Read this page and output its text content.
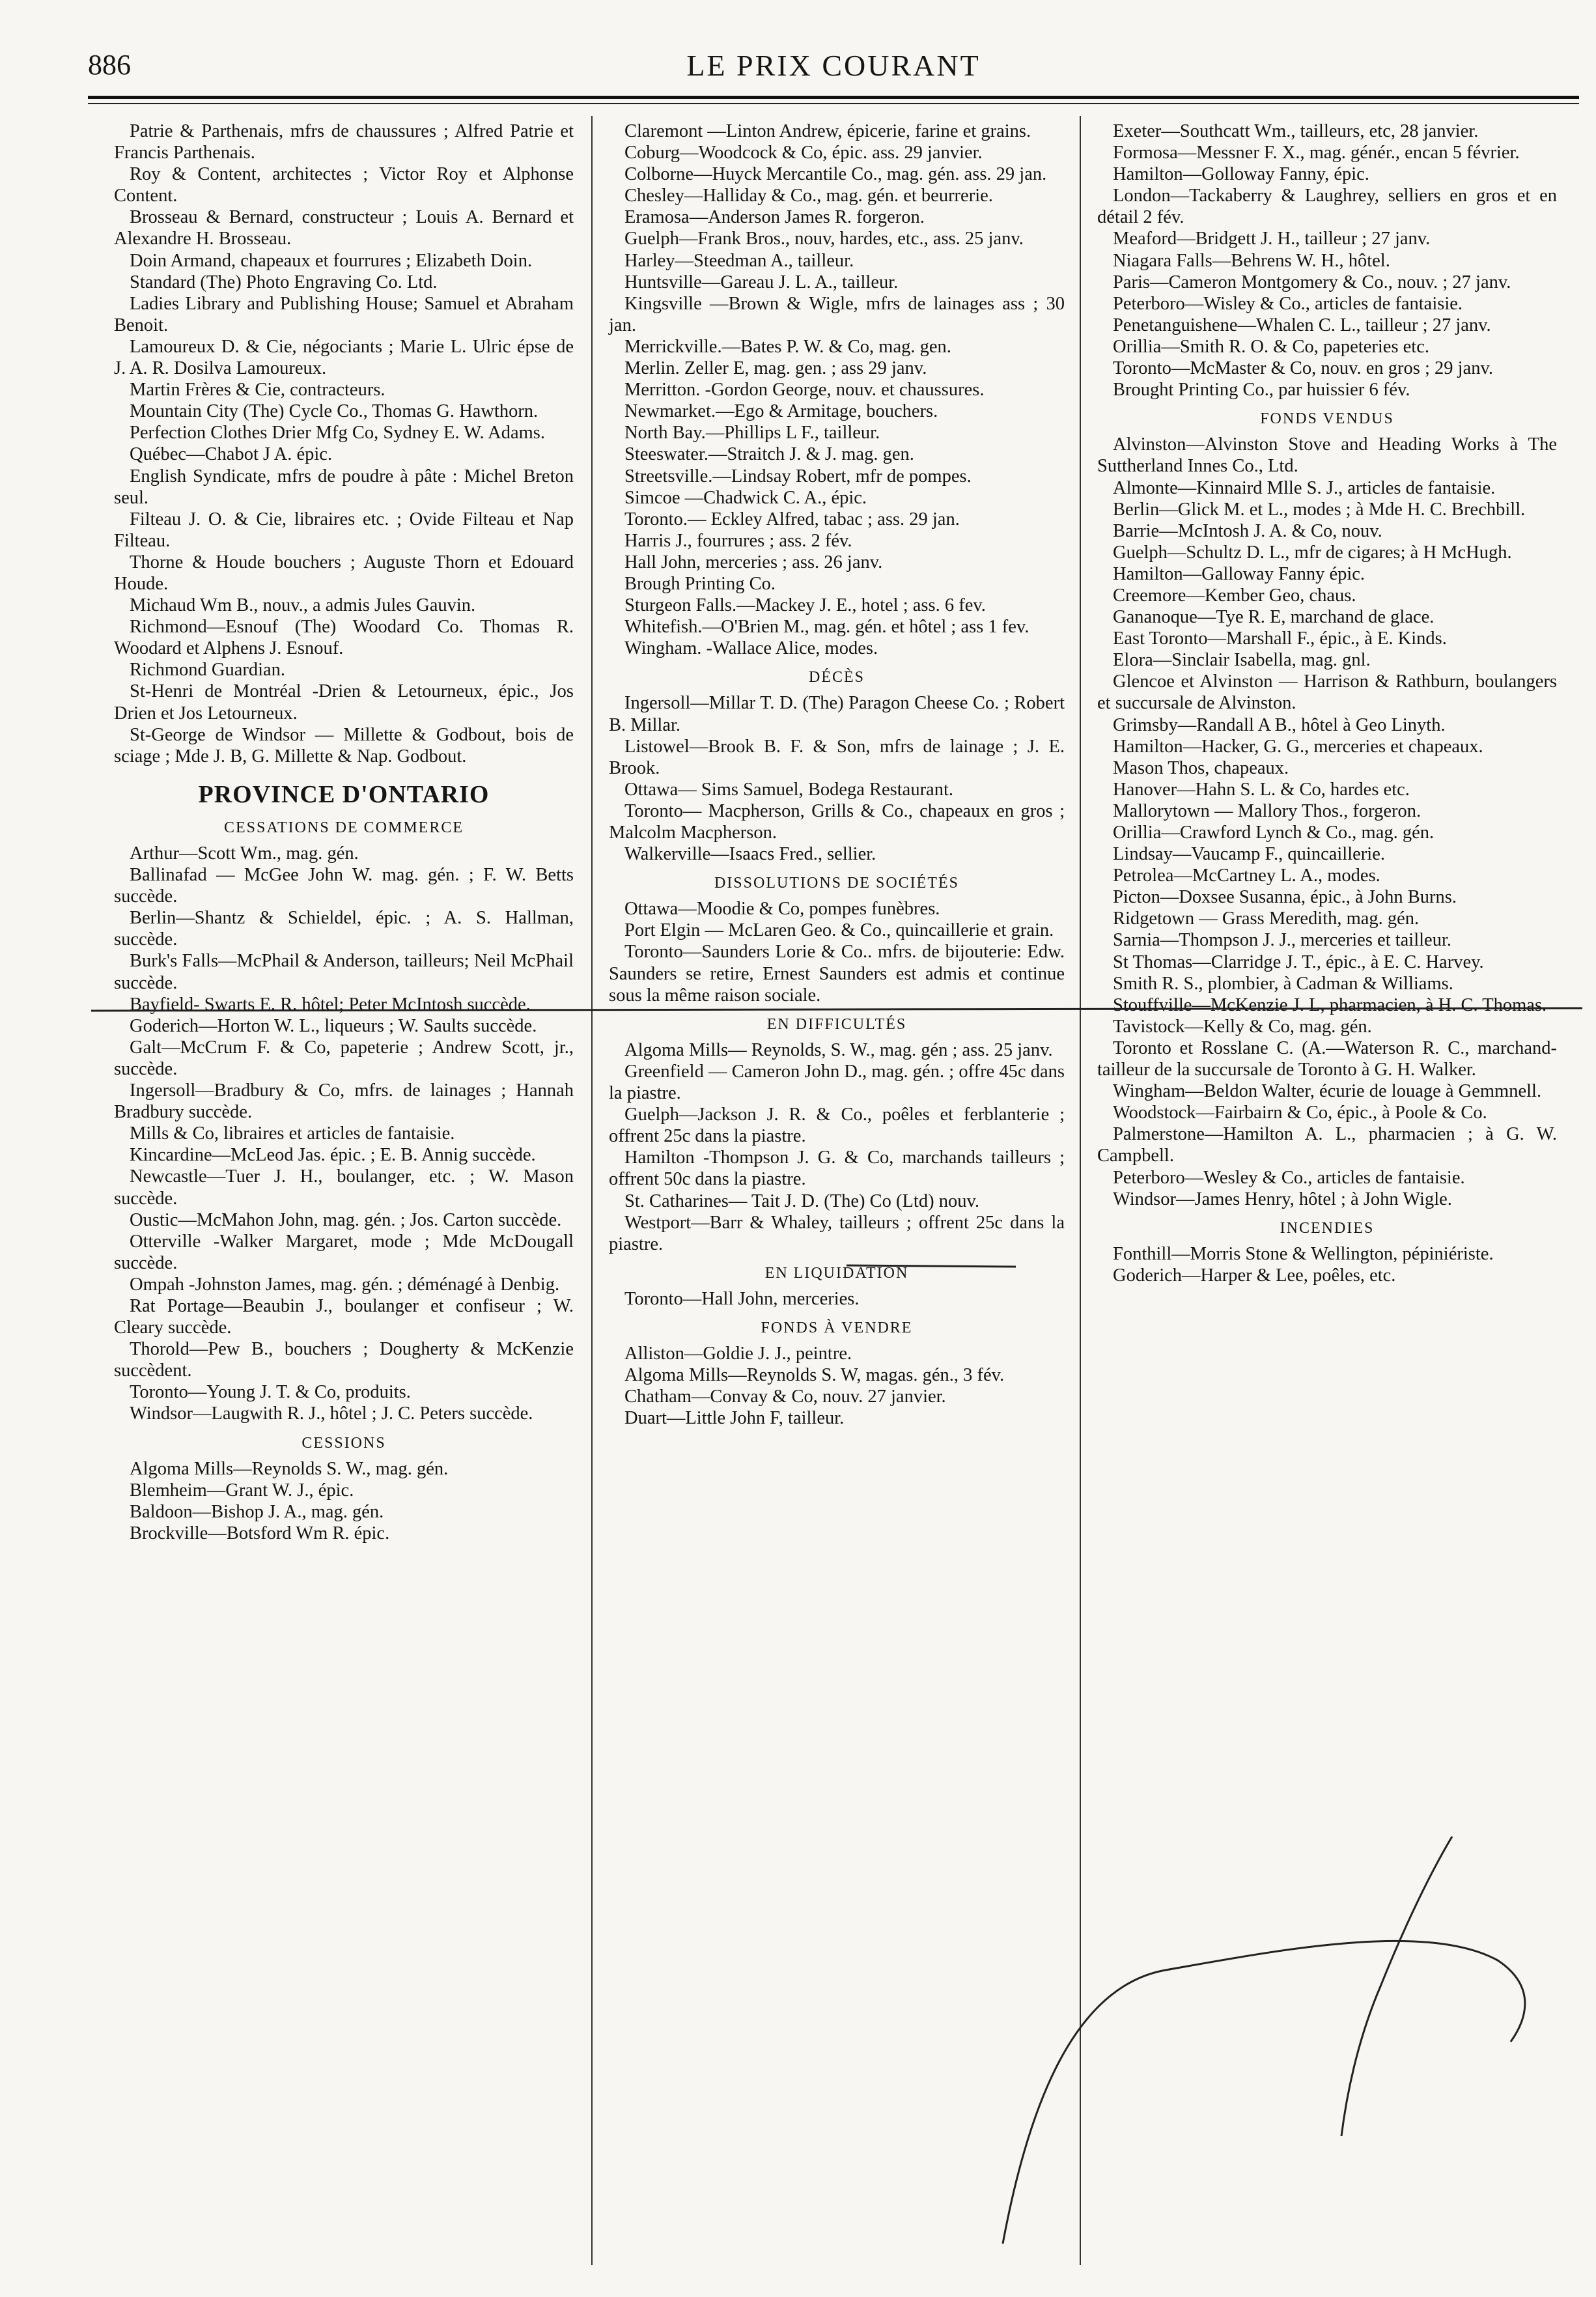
886	LE PRIX COURANT

Patrie & Parthenais, mfrs de chaussures ; Alfred Patrie et Francis Parthenais.

Roy & Content, architectes ; Victor Roy et Alphonse Content.

Brosseau & Bernard, constructeur ; Louis A. Bernard et Alexandre H. Brosseau.

Doin Armand, chapeaux et fourrures ; Elizabeth Doin.

Standard (The) Photo Engraving Co. Ltd.

Ladies Library and Publishing House; Samuel et Abraham Benoit.

Lamoureux D. & Cie, négociants ; Marie L. Ulric épse de J. A. R. Dosilva Lamoureux.

Martin Frères & Cie, contracteurs.

Mountain City (The) Cycle Co., Thomas G. Hawthorn.

Perfection Clothes Drier Mfg Co, Sydney E. W. Adams.

Québec—Chabot J A. épic.

English Syndicate, mfrs de poudre à pâte : Michel Breton seul.

Filteau J. O. & Cie, libraires etc. ; Ovide Filteau et Nap Filteau.

Thorne & Houde bouchers ; Auguste Thorn et Edouard Houde.

Michaud Wm B., nouv., a admis Jules Gauvin.

Richmond—Esnouf (The) Woodard Co. Thomas R. Woodard et Alphens J. Esnouf.

Richmond Guardian.

St-Henri de Montréal -Drien & Letourneux, épic., Jos Drien et Jos Letourneux.

St-George de Windsor — Millette & Godbout, bois de sciage ; Mde J. B, G. Millette & Nap. Godbout.

PROVINCE D'ONTARIO

CESSATIONS DE COMMERCE

Arthur—Scott Wm., mag. gén.

Ballinafad — McGee John W. mag. gén. ; F. W. Betts succède.

Berlin—Shantz & Schieldel, épic. ; A. S. Hallman, succède.

Burk's Falls—McPhail & Anderson, tailleurs; Neil McPhail succède.

Bayfield- Swarts E. R. hôtel; Peter McIntosh succède.

Goderich—Horton W. L., liqueurs ; W. Saults succède.

Galt—McCrum F. & Co, papeterie ; Andrew Scott, jr., succède.

Ingersoll—Bradbury & Co, mfrs. de lainages ; Hannah Bradbury succède.

Mills & Co, libraires et articles de fantaisie.

Kincardine—McLeod Jas. épic. ; E. B. Annig succède.

Newcastle—Tuer J. H., boulanger, etc. ; W. Mason succède.

Oustic—McMahon John, mag. gén. ; Jos. Carton succède.

Otterville -Walker Margaret, mode ; Mde McDougall succède.

Ompah -Johnston James, mag. gén. ; déménagé à Denbig.

Rat Portage—Beaubin J., boulanger et confiseur ; W. Cleary succède.

Thorold—Pew B., bouchers ; Dougherty & McKenzie succèdent.

Toronto—Young J. T. & Co, produits.

Windsor—Laugwith R. J., hôtel ; J. C. Peters succède.

CESSIONS

Algoma Mills—Reynolds S. W., mag. gén.

Blemheim—Grant W. J., épic.

Baldoon—Bishop J. A., mag. gén.

Brockville—Botsford Wm R. épic.

Claremont —Linton Andrew, épicerie, farine et grains.

Coburg—Woodcock & Co, épic. ass. 29 janvier.

Colborne—Huyck Mercantile Co., mag. gén. ass. 29 jan.

Chesley—Halliday & Co., mag. gén. et beurrerie.

Eramosa—Anderson James R. forgeron.

Guelph—Frank Bros., nouv, hardes, etc., ass. 25 janv.

Harley—Steedman A., tailleur.

Huntsville—Gareau J. L. A., tailleur.

Kingsville —Brown & Wigle, mfrs de lainages ass ; 30 jan.

Merrickville.—Bates P. W. & Co, mag. gen.

Merlin. Zeller E, mag. gen. ; ass 29 janv.

Merritton. -Gordon George, nouv. et chaussures.

Newmarket.—Ego & Armitage, bouchers.

North Bay.—Phillips L F., tailleur.

Steeswater.—Straitch J. & J. mag. gen.

Streetsville.—Lindsay Robert, mfr de pompes.

Simcoe —Chadwick C. A., épic.

Toronto.— Eckley Alfred, tabac ; ass. 29 jan.

Harris J., fourrures ; ass. 2 fév.

Hall John, merceries ; ass. 26 janv.

Brough Printing Co.

Sturgeon Falls.—Mackey J. E., hotel ; ass. 6 fev.

Whitefish.—O'Brien M., mag. gén. et hôtel ; ass 1 fev.

Wingham. -Wallace Alice, modes.

DÉCÈS

Ingersoll—Millar T. D. (The) Paragon Cheese Co. ; Robert B. Millar.

Listowel—Brook B. F. & Son, mfrs de lainage ; J. E. Brook.

Ottawa— Sims Samuel, Bodega Restaurant.

Toronto— Macpherson, Grills & Co., chapeaux en gros ; Malcolm Macpherson.

Walkerville—Isaacs Fred., sellier.

DISSOLUTIONS DE SOCIÉTÉS

Ottawa—Moodie & Co, pompes funèbres.

Port Elgin — McLaren Geo. & Co., quincaillerie et grain.

Toronto—Saunders Lorie & Co.. mfrs. de bijouterie: Edw. Saunders se retire, Ernest Saunders est admis et continue sous la même raison sociale.

EN DIFFICULTÉS

Algoma Mills— Reynolds, S. W., mag. gén ; ass. 25 janv.

Greenfield — Cameron John D., mag. gén. ; offre 45c dans la piastre.

Guelph—Jackson J. R. & Co., poêles et ferblanterie ; offrent 25c dans la piastre.

Hamilton -Thompson J. G. & Co, marchands tailleurs ; offrent 50c dans la piastre.

St. Catharines— Tait J. D. (The) Co (Ltd) nouv.

Westport—Barr & Whaley, tailleurs ; offrent 25c dans la piastre.

EN LIQUIDATION

Toronto—Hall John, merceries.

FONDS À VENDRE

Alliston—Goldie J. J., peintre.

Algoma Mills—Reynolds S. W, magas. gén., 3 fév.

Chatham—Convay & Co, nouv. 27 janvier.

Duart—Little John F, tailleur.

Exeter—Southcatt Wm., tailleurs, etc, 28 janvier.

Formosa—Messner F. X., mag. génér., encan 5 février.

Hamilton—Golloway Fanny, épic.

London—Tackaberry & Laughrey, selliers en gros et en détail 2 fév.

Meaford—Bridgett J. H., tailleur ; 27 janv.

Niagara Falls—Behrens W. H., hôtel.

Paris—Cameron Montgomery & Co., nouv. ; 27 janv.

Peterboro—Wisley & Co., articles de fantaisie.

Penetanguishene—Whalen C. L., tailleur ; 27 janv.

Orillia—Smith R. O. & Co, papeteries etc.

Toronto—McMaster & Co, nouv. en gros ; 29 janv.

Brought Printing Co., par huissier 6 fév.

FONDS VENDUS

Alvinston—Alvinston Stove and Heading Works à The Suttherland Innes Co., Ltd.

Almonte—Kinnaird Mlle S. J., articles de fantaisie.

Berlin—Glick M. et L., modes ; à Mde H. C. Brechbill.

Barrie—McIntosh J. A. & Co, nouv.

Guelph—Schultz D. L., mfr de cigares; à H McHugh.

Hamilton—Galloway Fanny épic.

Creemore—Kember Geo, chaus.

Gananoque—Tye R. E, marchand de glace.

East Toronto—Marshall F., épic., à E. Kinds.

Elora—Sinclair Isabella, mag. gnl.

Glencoe et Alvinston — Harrison & Rathburn, boulangers et succursale de Alvinston.

Grimsby—Randall A B., hôtel à Geo Linyth.

Hamilton—Hacker, G. G., merceries et chapeaux.

Mason Thos, chapeaux.

Hanover—Hahn S. L. & Co, hardes etc.

Mallorytown — Mallory Thos., forgeron.

Orillia—Crawford Lynch & Co., mag. gén.

Lindsay—Vaucamp F., quincaillerie.

Petrolea—McCartney L. A., modes.

Picton—Doxsee Susanna, épic., à John Burns.

Ridgetown — Grass Meredith, mag. gén.

Sarnia—Thompson J. J., merceries et tailleur.

St Thomas—Clarridge J. T., épic., à E. C. Harvey.

Smith R. S., plombier, à Cadman & Williams.

Stouffville—McKenzie J. L, pharmacien, à H. C. Thomas.

Tavistock—Kelly & Co, mag. gén.

Toronto et Rosslane C. (A.—Waterson R. C., marchand-tailleur de la succursale de Toronto à G. H. Walker.

Wingham—Beldon Walter, écurie de louage à Gemmnell.

Woodstock—Fairbairn & Co, épic., à Poole & Co.

Palmerstone—Hamilton A. L., pharmacien ; à G. W. Campbell.

Peterboro—Wesley & Co., articles de fantaisie.

Windsor—James Henry, hôtel ; à John Wigle.

INCENDIES

Fonthill—Morris Stone & Wellington, pépiniériste.

Goderich—Harper & Lee, poêles, etc.
